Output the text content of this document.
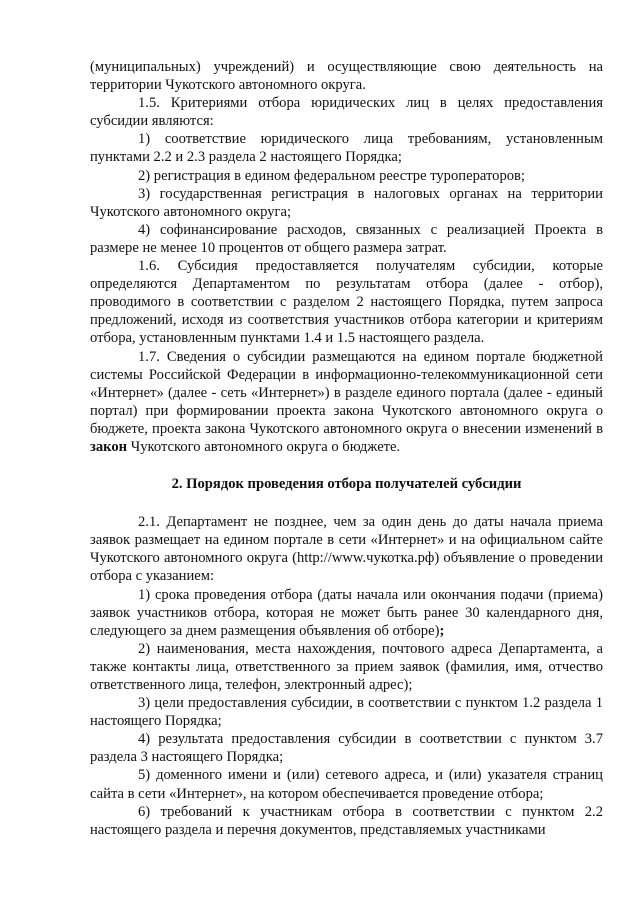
(муниципальных) учреждений) и осуществляющие свою деятельность на территории Чукотского автономного округа.

1.5. Критериями отбора юридических лиц в целях предоставления субсидии являются:

1) соответствие юридического лица требованиям, установленным пунктами 2.2 и 2.3 раздела 2 настоящего Порядка;

2) регистрация в едином федеральном реестре туроператоров;

3) государственная регистрация в налоговых органах на территории Чукотского автономного округа;

4) софинансирование расходов, связанных с реализацией Проекта в размере не менее 10 процентов от общего размера затрат.

1.6. Субсидия предоставляется получателям субсидии, которые определяются Департаментом по результатам отбора (далее - отбор), проводимого в соответствии с разделом 2 настоящего Порядка, путем запроса предложений, исходя из соответствия участников отбора категории и критериям отбора, установленным пунктами 1.4 и 1.5 настоящего раздела.

1.7. Сведения о субсидии размещаются на едином портале бюджетной системы Российской Федерации в информационно-телекоммуникационной сети «Интернет» (далее - сеть «Интернет») в разделе единого портала (далее - единый портал) при формировании проекта закона Чукотского автономного округа о бюджете, проекта закона Чукотского автономного округа о внесении изменений в закон Чукотского автономного округа о бюджете.

2. Порядок проведения отбора получателей субсидии

2.1. Департамент не позднее, чем за один день до даты начала приема заявок размещает на едином портале в сети «Интернет» и на официальном сайте Чукотского автономного округа (http://www.чукотка.рф) объявление о проведении отбора с указанием:

1) срока проведения отбора (даты начала или окончания подачи (приема) заявок участников отбора, которая не может быть ранее 30 календарного дня, следующего за днем размещения объявления об отборе);

2) наименования, места нахождения, почтового адреса Департамента, а также контакты лица, ответственного за прием заявок (фамилия, имя, отчество ответственного лица, телефон, электронный адрес);

3) цели предоставления субсидии, в соответствии с пунктом 1.2 раздела 1 настоящего Порядка;

4) результата предоставления субсидии в соответствии с пунктом 3.7 раздела 3 настоящего Порядка;

5) доменного имени и (или) сетевого адреса, и (или) указателя страниц сайта в сети «Интернет», на котором обеспечивается проведение отбора;

6) требований к участникам отбора в соответствии с пунктом 2.2 настоящего раздела и перечня документов, представляемых участниками
